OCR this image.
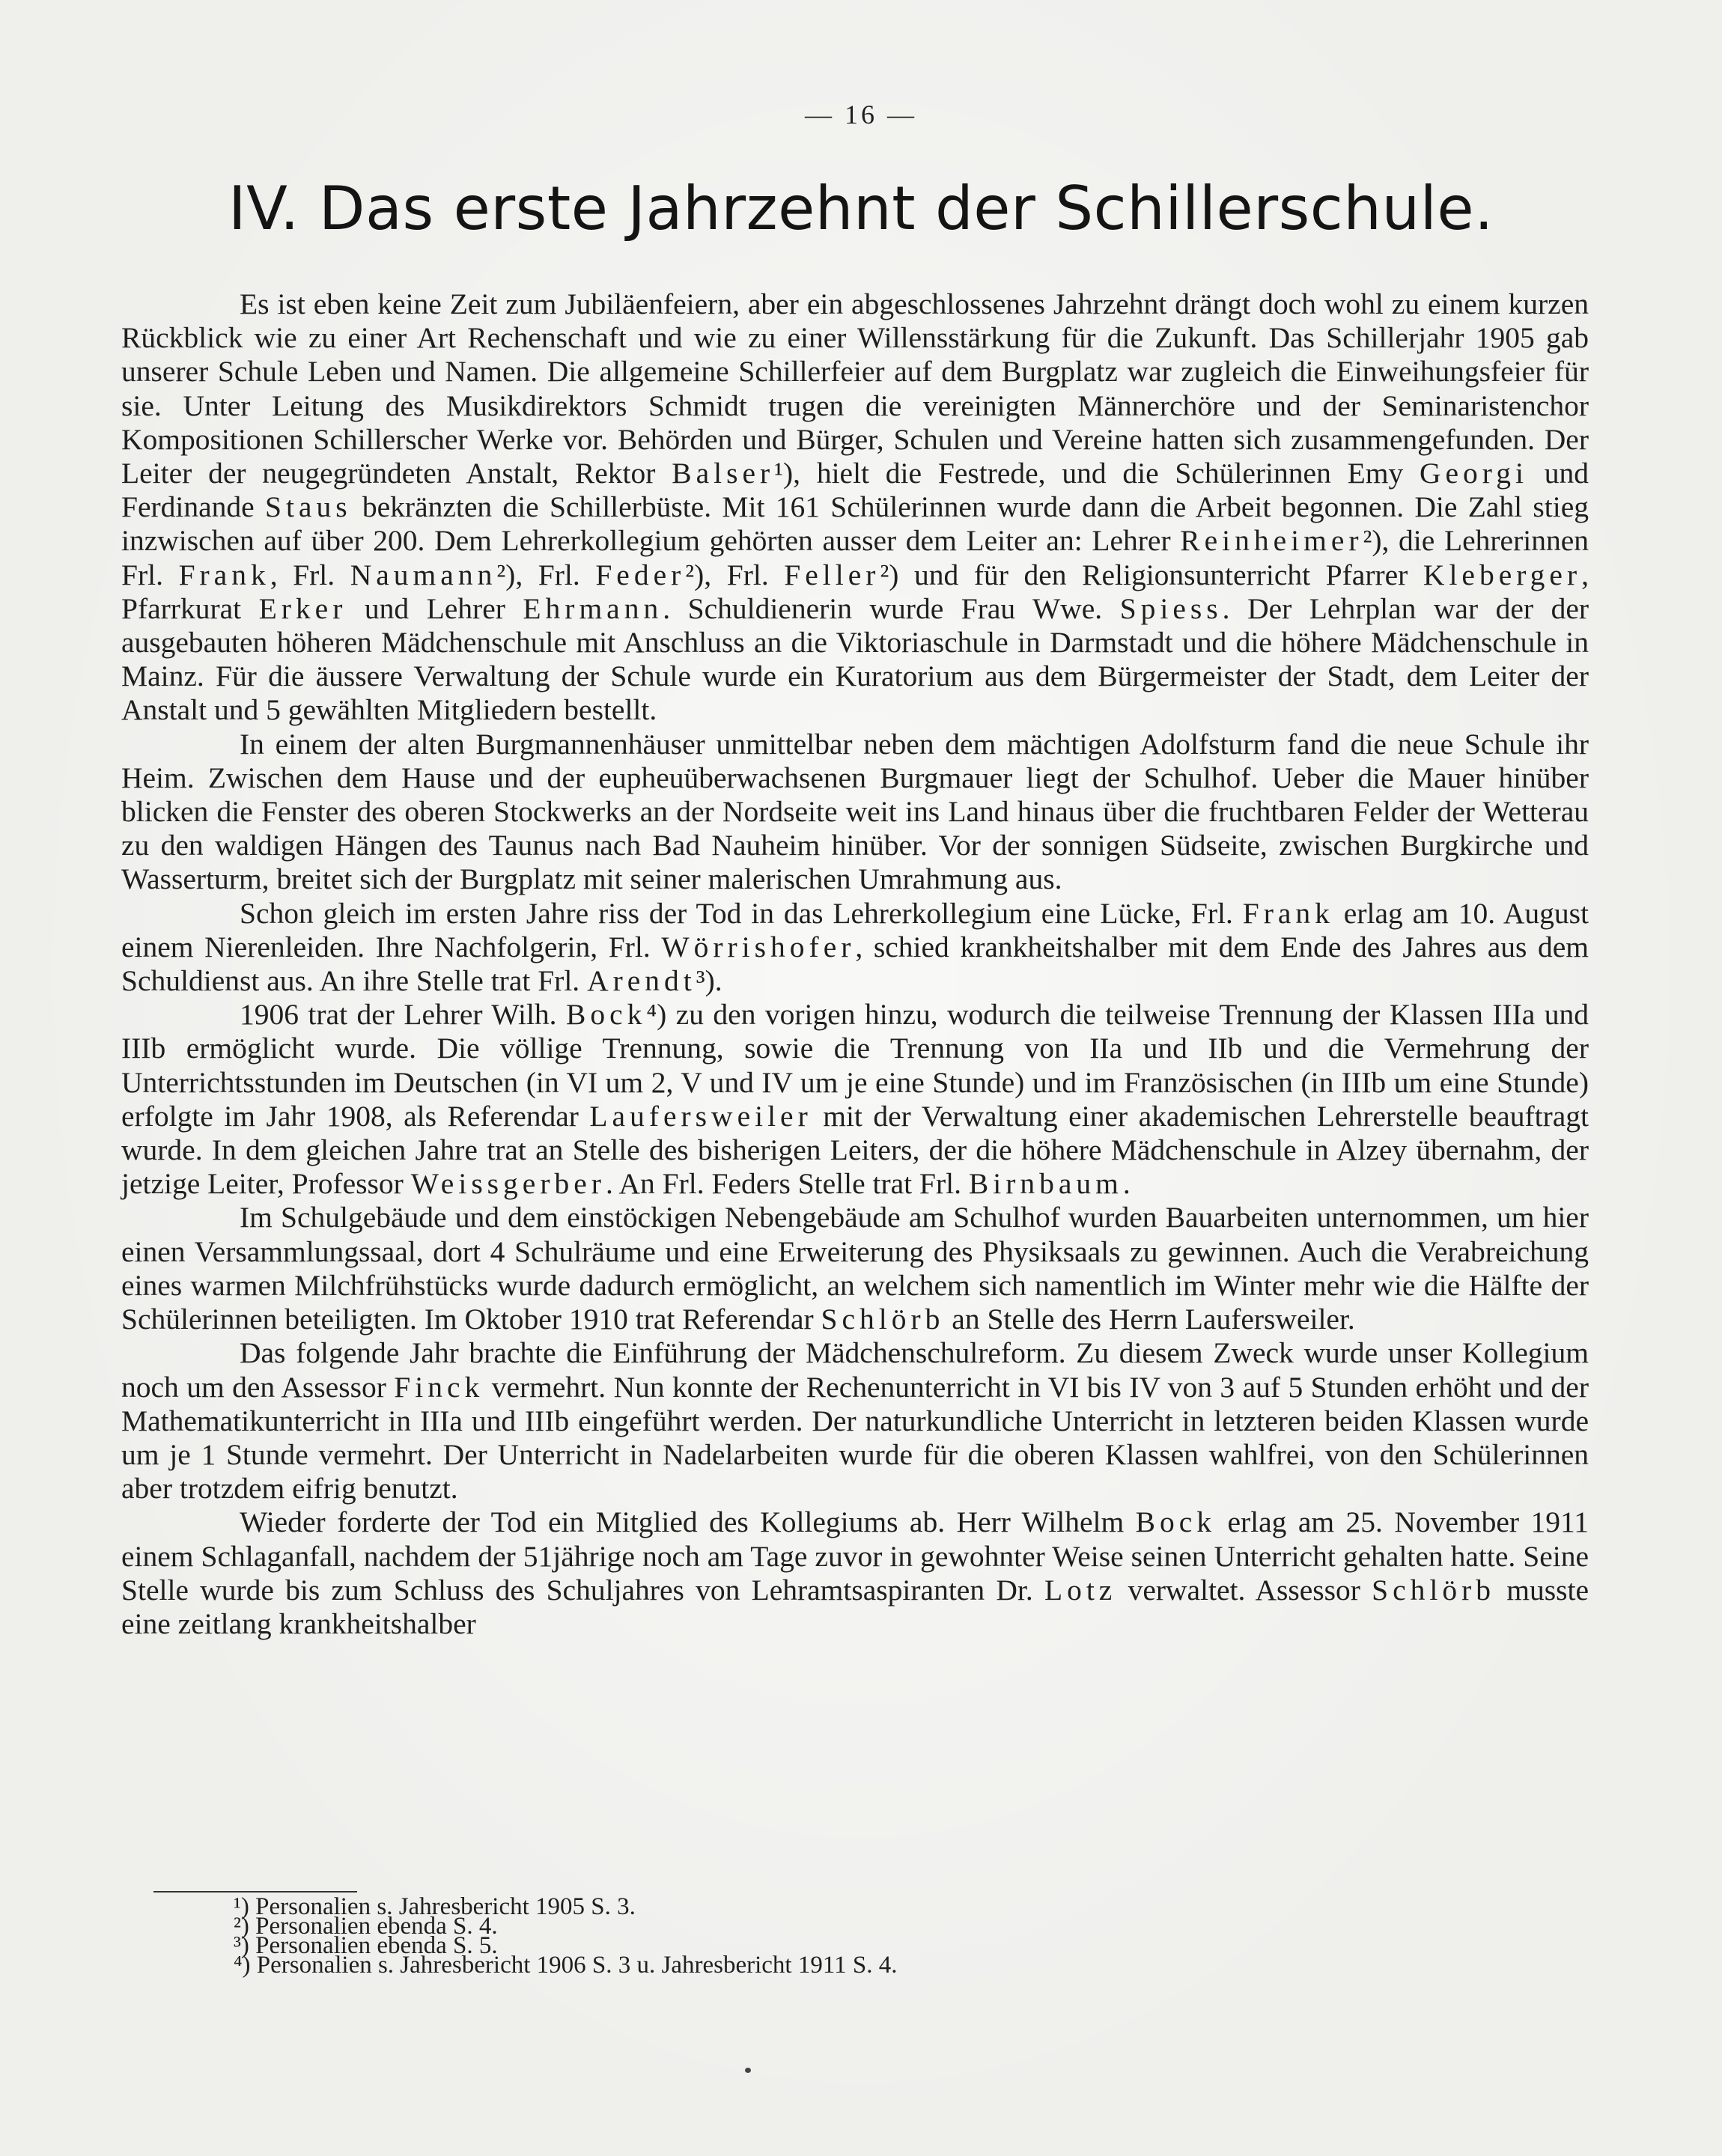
— 16 —
IV. Das erste Jahrzehnt der Schillerschule.

Es ist eben keine Zeit zum Jubiläenfeiern, aber ein abgeschlossenes Jahrzehnt drängt doch wohl zu einem kurzen Rückblick wie zu einer Art Rechenschaft und wie zu einer Willensstärkung für die Zukunft. Das Schillerjahr 1905 gab unserer Schule Leben und Namen. Die allgemeine Schillerfeier auf dem Burgplatz war zugleich die Einweihungsfeier für sie. Unter Leitung des Musikdirektors Schmidt trugen die vereinigten Männerchöre und der Seminaristenchor Kompositionen Schillerscher Werke vor. Behörden und Bürger, Schulen und Vereine hatten sich zusammengefunden. Der Leiter der neugegründeten Anstalt, Rektor Balser¹), hielt die Festrede, und die Schülerinnen Emy Georgi und Ferdinande Staus bekränzten die Schillerbüste. Mit 161 Schülerinnen wurde dann die Arbeit begonnen. Die Zahl stieg inzwischen auf über 200. Dem Lehrerkollegium gehörten ausser dem Leiter an: Lehrer Reinheimer²), die Lehrerinnen Frl. Frank, Frl. Naumann²), Frl. Feder²), Frl. Feller²) und für den Religionsunterricht Pfarrer Kleberger, Pfarrkurat Erker und Lehrer Ehrmann. Schuldienerin wurde Frau Wwe. Spiess. Der Lehrplan war der der ausgebauten höheren Mädchenschule mit Anschluss an die Viktoriaschule in Darmstadt und die höhere Mädchenschule in Mainz. Für die äussere Verwaltung der Schule wurde ein Kuratorium aus dem Bürgermeister der Stadt, dem Leiter der Anstalt und 5 gewählten Mitgliedern bestellt.

In einem der alten Burgmannenhäuser unmittelbar neben dem mächtigen Adolfsturm fand die neue Schule ihr Heim. Zwischen dem Hause und der eupheuüberwachsenen Burgmauer liegt der Schulhof. Ueber die Mauer hinüber blicken die Fenster des oberen Stockwerks an der Nordseite weit ins Land hinaus über die fruchtbaren Felder der Wetterau zu den waldigen Hängen des Taunus nach Bad Nauheim hinüber. Vor der sonnigen Südseite, zwischen Burgkirche und Wasserturm, breitet sich der Burgplatz mit seiner malerischen Umrahmung aus.

Schon gleich im ersten Jahre riss der Tod in das Lehrerkollegium eine Lücke, Frl. Frank erlag am 10. August einem Nierenleiden. Ihre Nachfolgerin, Frl. Wörrishofer, schied krankheitshalber mit dem Ende des Jahres aus dem Schuldienst aus. An ihre Stelle trat Frl. Arendt³).

1906 trat der Lehrer Wilh. Bock⁴) zu den vorigen hinzu, wodurch die teilweise Trennung der Klassen IIIa und IIIb ermöglicht wurde. Die völlige Trennung, sowie die Trennung von IIa und IIb und die Vermehrung der Unterrichtsstunden im Deutschen (in VI um 2, V und IV um je eine Stunde) und im Französischen (in IIIb um eine Stunde) erfolgte im Jahr 1908, als Referendar Laufersweiler mit der Verwaltung einer akademischen Lehrerstelle beauftragt wurde. In dem gleichen Jahre trat an Stelle des bisherigen Leiters, der die höhere Mädchenschule in Alzey übernahm, der jetzige Leiter, Professor Weissgerber. An Frl. Feders Stelle trat Frl. Birnbaum.

Im Schulgebäude und dem einstöckigen Nebengebäude am Schulhof wurden Bauarbeiten unternommen, um hier einen Versammlungssaal, dort 4 Schulräume und eine Erweiterung des Physiksaals zu gewinnen. Auch die Verabreichung eines warmen Milchfrühstücks wurde dadurch ermöglicht, an welchem sich namentlich im Winter mehr wie die Hälfte der Schülerinnen beteiligten. Im Oktober 1910 trat Referendar Schlörb an Stelle des Herrn Laufersweiler.

Das folgende Jahr brachte die Einführung der Mädchenschulreform. Zu diesem Zweck wurde unser Kollegium noch um den Assessor Finck vermehrt. Nun konnte der Rechenunterricht in VI bis IV von 3 auf 5 Stunden erhöht und der Mathematikunterricht in IIIa und IIIb eingeführt werden. Der naturkundliche Unterricht in letzteren beiden Klassen wurde um je 1 Stunde vermehrt. Der Unterricht in Nadelarbeiten wurde für die oberen Klassen wahlfrei, von den Schülerinnen aber trotzdem eifrig benutzt.

Wieder forderte der Tod ein Mitglied des Kollegiums ab. Herr Wilhelm Bock erlag am 25. November 1911 einem Schlaganfall, nachdem der 51jährige noch am Tage zuvor in gewohnter Weise seinen Unterricht gehalten hatte. Seine Stelle wurde bis zum Schluss des Schuljahres von Lehramtsaspiranten Dr. Lotz verwaltet. Assessor Schlörb musste eine zeitlang krankheitshalber

¹) Personalien s. Jahresbericht 1905 S. 3.
²) Personalien ebenda S. 4.
³) Personalien ebenda S. 5.
⁴) Personalien s. Jahresbericht 1906 S. 3 u. Jahresbericht 1911 S. 4.
